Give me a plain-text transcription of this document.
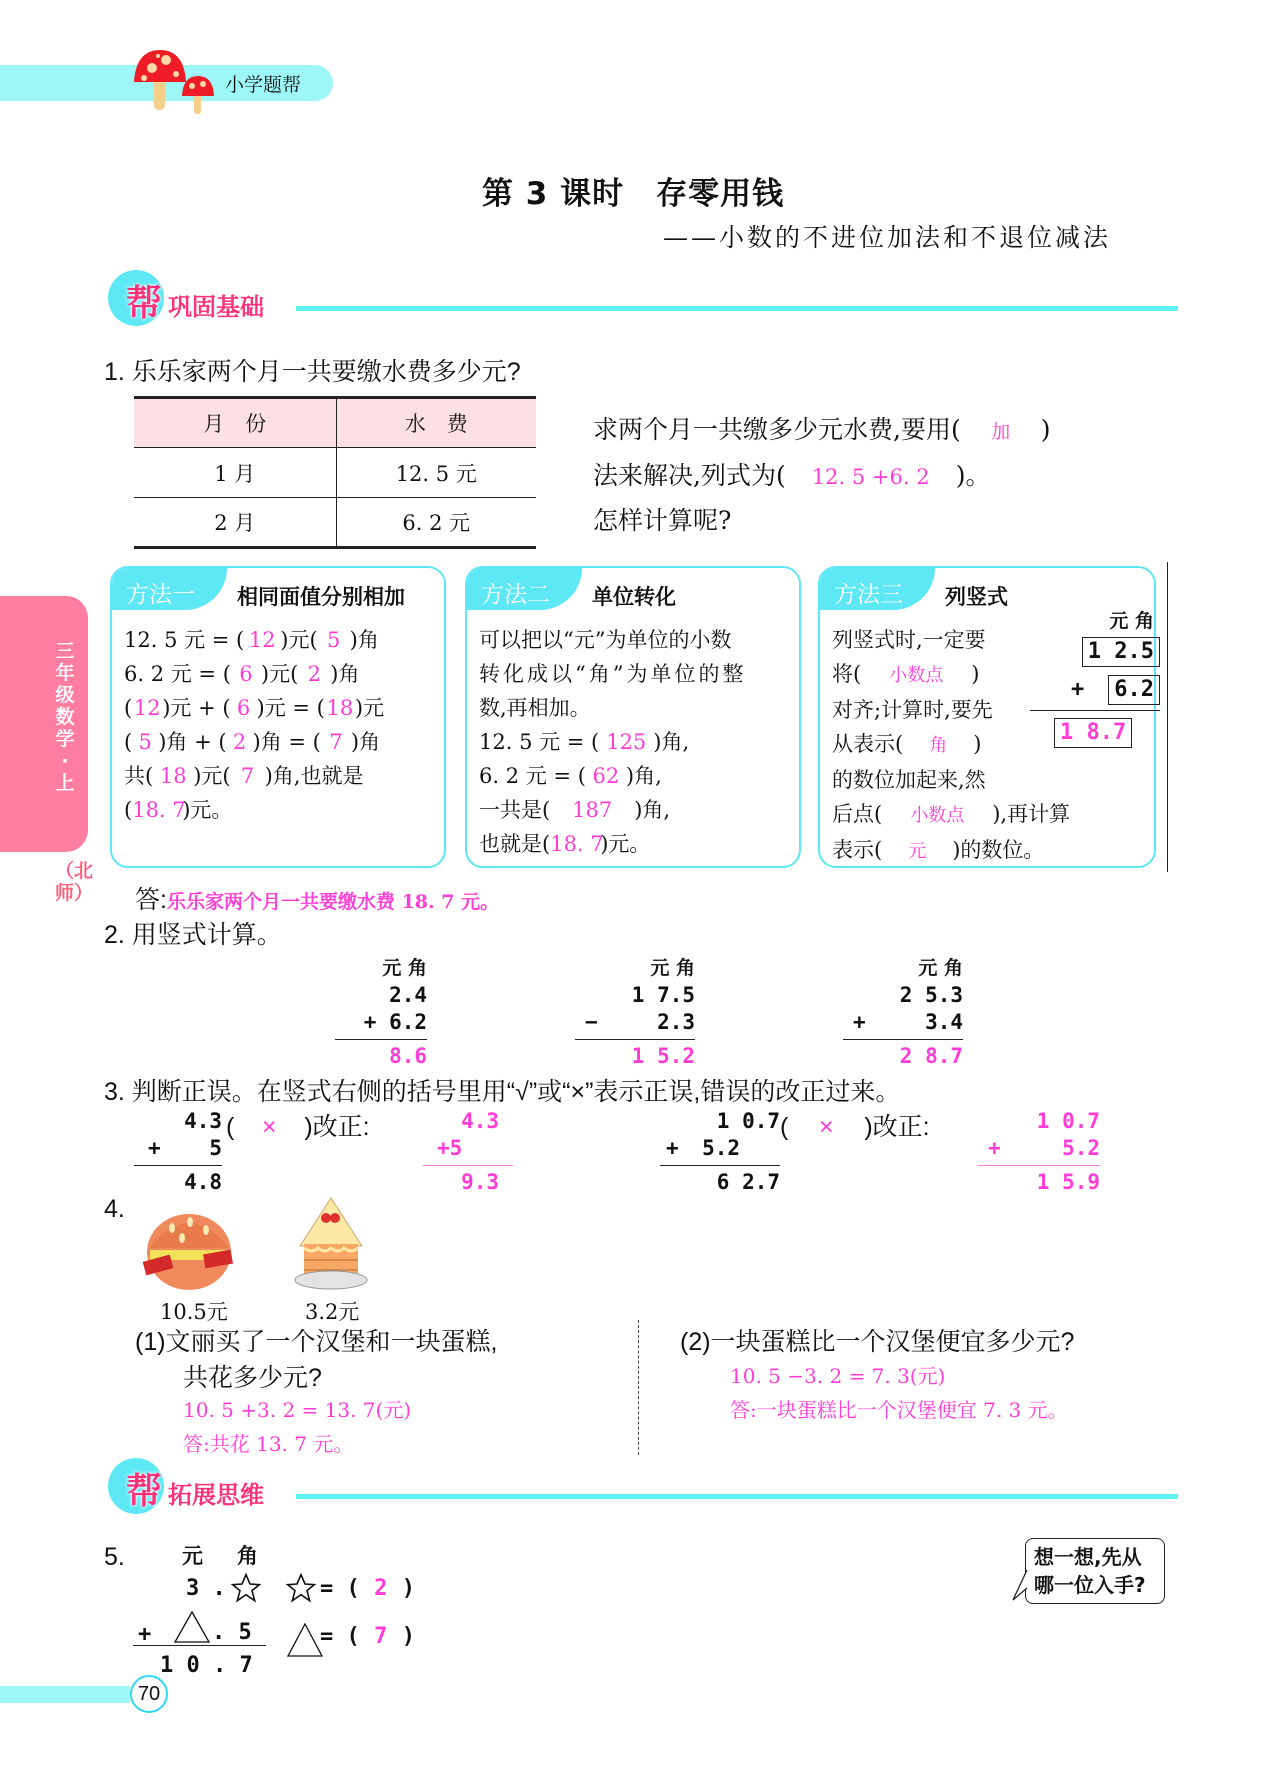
小学题帮
第 3 课时　存零用钱
——小数的不进位加法和不退位减法
帮 巩固基础
三年级数学·上
（北师）
1. 乐乐家两个月一共要缴水费多少元?
月　份	水　费
1 月	12. 5 元
2 月	6. 2 元
求两个月一共缴多少元水费,要用( 加 )
法来解决,列式为( 12. 5 +6. 2 )。
怎样计算呢?
方法一	相同面值分别相加
12. 5 元 = ( 12 )元( 5 )角
6. 2 元 = ( 6 )元( 2 )角
(12)元 + ( 6 )元 = (18)元
( 5 )角 + ( 2 )角 = ( 7 )角
共( 18 )元( 7 )角,也就是
(18. 7)元。
方法二	单位转化
可以把以“元”为单位的小数
转化成以“角”为单位的整
数,再相加。
12. 5 元 = ( 125 )角,
6. 2 元 = ( 62 )角,
一共是( 187 )角,
也就是(18. 7)元。
方法三	列竖式
列竖式时,一定要
将( 小数点 )
对齐;计算时,要先
从表示( 角 )
的数位加起来,然
后点( 小数点 ),再计算
表示( 元 )的数位。
元 角
1 2.5
+ 6.2
1 8.7
答:乐乐家两个月一共要缴水费 18. 7 元。
2. 用竖式计算。
元 角
2.4
+ 6.2
8.6
元 角
1 7.5
−	2.3
1 5.2
元 角
2 5.3
+	3.4
2 8.7
3. 判断正误。在竖式右侧的括号里用“√”或“×”表示正误,错误的改正过来。
4.3
+ 5
4.8
( × )改正:	4.3
+5
9.3
1 0.7
+ 5.2
6 2.7
( × )改正:	1 0.7
+	5.2
1 5.9
4.
10.5元	3.2元
(1)文丽买了一个汉堡和一块蛋糕,
共花多少元?
10. 5 +3. 2 = 13. 7(元)
答:共花 13. 7 元。
(2)一块蛋糕比一个汉堡便宜多少元?
10. 5 −3. 2 = 7. 3(元)
答:一块蛋糕比一个汉堡便宜 7. 3 元。
帮 拓展思维
5.	元 角
3 .	= ( 2 )
+	. 5	= ( 7 )
1 0 . 7
想一想,先从
哪一位入手?
70
